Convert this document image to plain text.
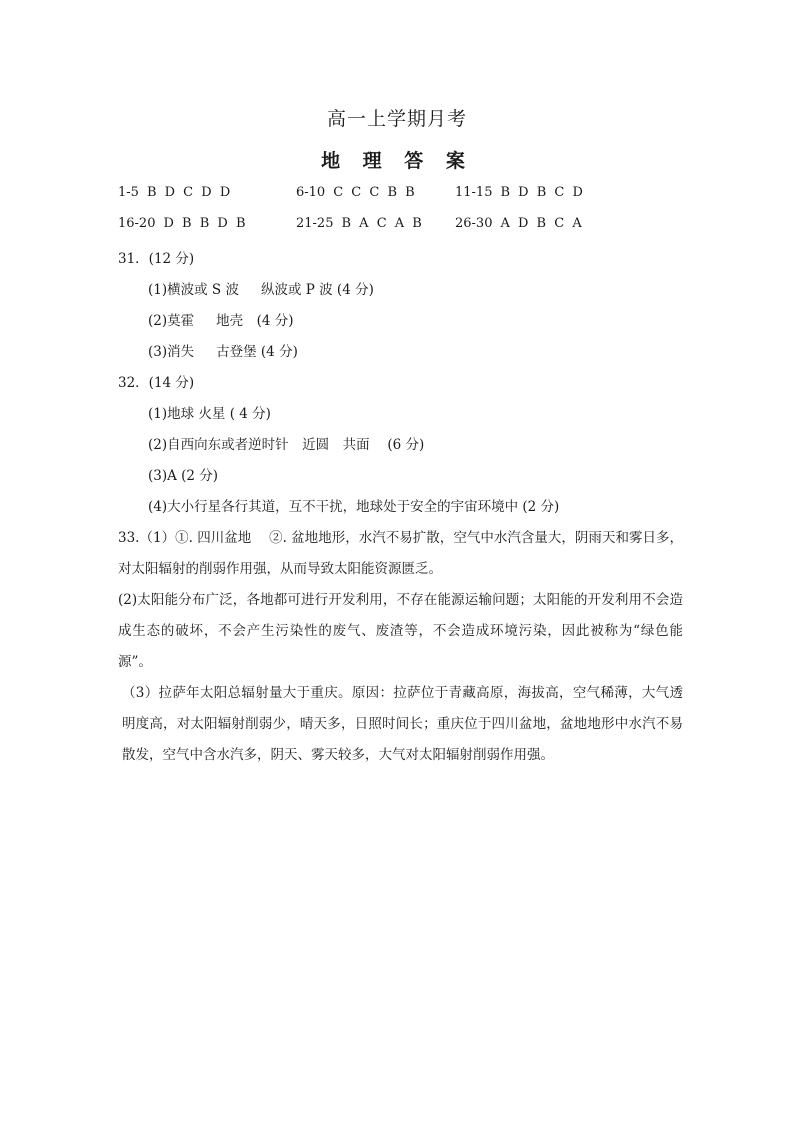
高一上学期月考
地 理 答 案
1-5 B D C D D	6-10 C C C B B	11-15 B D B C D
16-20 D B B D B	21-25 B A C A B 26-30 A D B C A
31．(12 分)
(1)横波或 S 波 纵波或 P 波 (4 分)
(2)莫霍 地壳　(4 分)
(3)消失 古登堡 (4 分)
32．(14 分)
(1)地球 火星 ( 4 分)
(2)自西向东或者逆时针　近圆　共面　 (6 分)
(3)A (2 分)
(4)大小行星各行其道，互不干扰，地球处于安全的宇宙环境中 (2 分)
33.（1）①. 四川盆地　 ②. 盆地地形，水汽不易扩散，空气中水汽含量大，阴雨天和雾日多，对太阳辐射的削弱作用强，从而导致太阳能资源匮乏。
(2)太阳能分布广泛，各地都可进行开发利用，不存在能源运输问题；太阳能的开发利用不会造成生态的破坏，不会产生污染性的废气、废渣等，不会造成环境污染，因此被称为“绿色能源”。
（3）拉萨年太阳总辐射量大于重庆。原因：拉萨位于青藏高原，海拔高，空气稀薄，大气透明度高，对太阳辐射削弱少，晴天多，日照时间长；重庆位于四川盆地，盆地地形中水汽不易散发，空气中含水汽多，阴天、雾天较多，大气对太阳辐射削弱作用强。
